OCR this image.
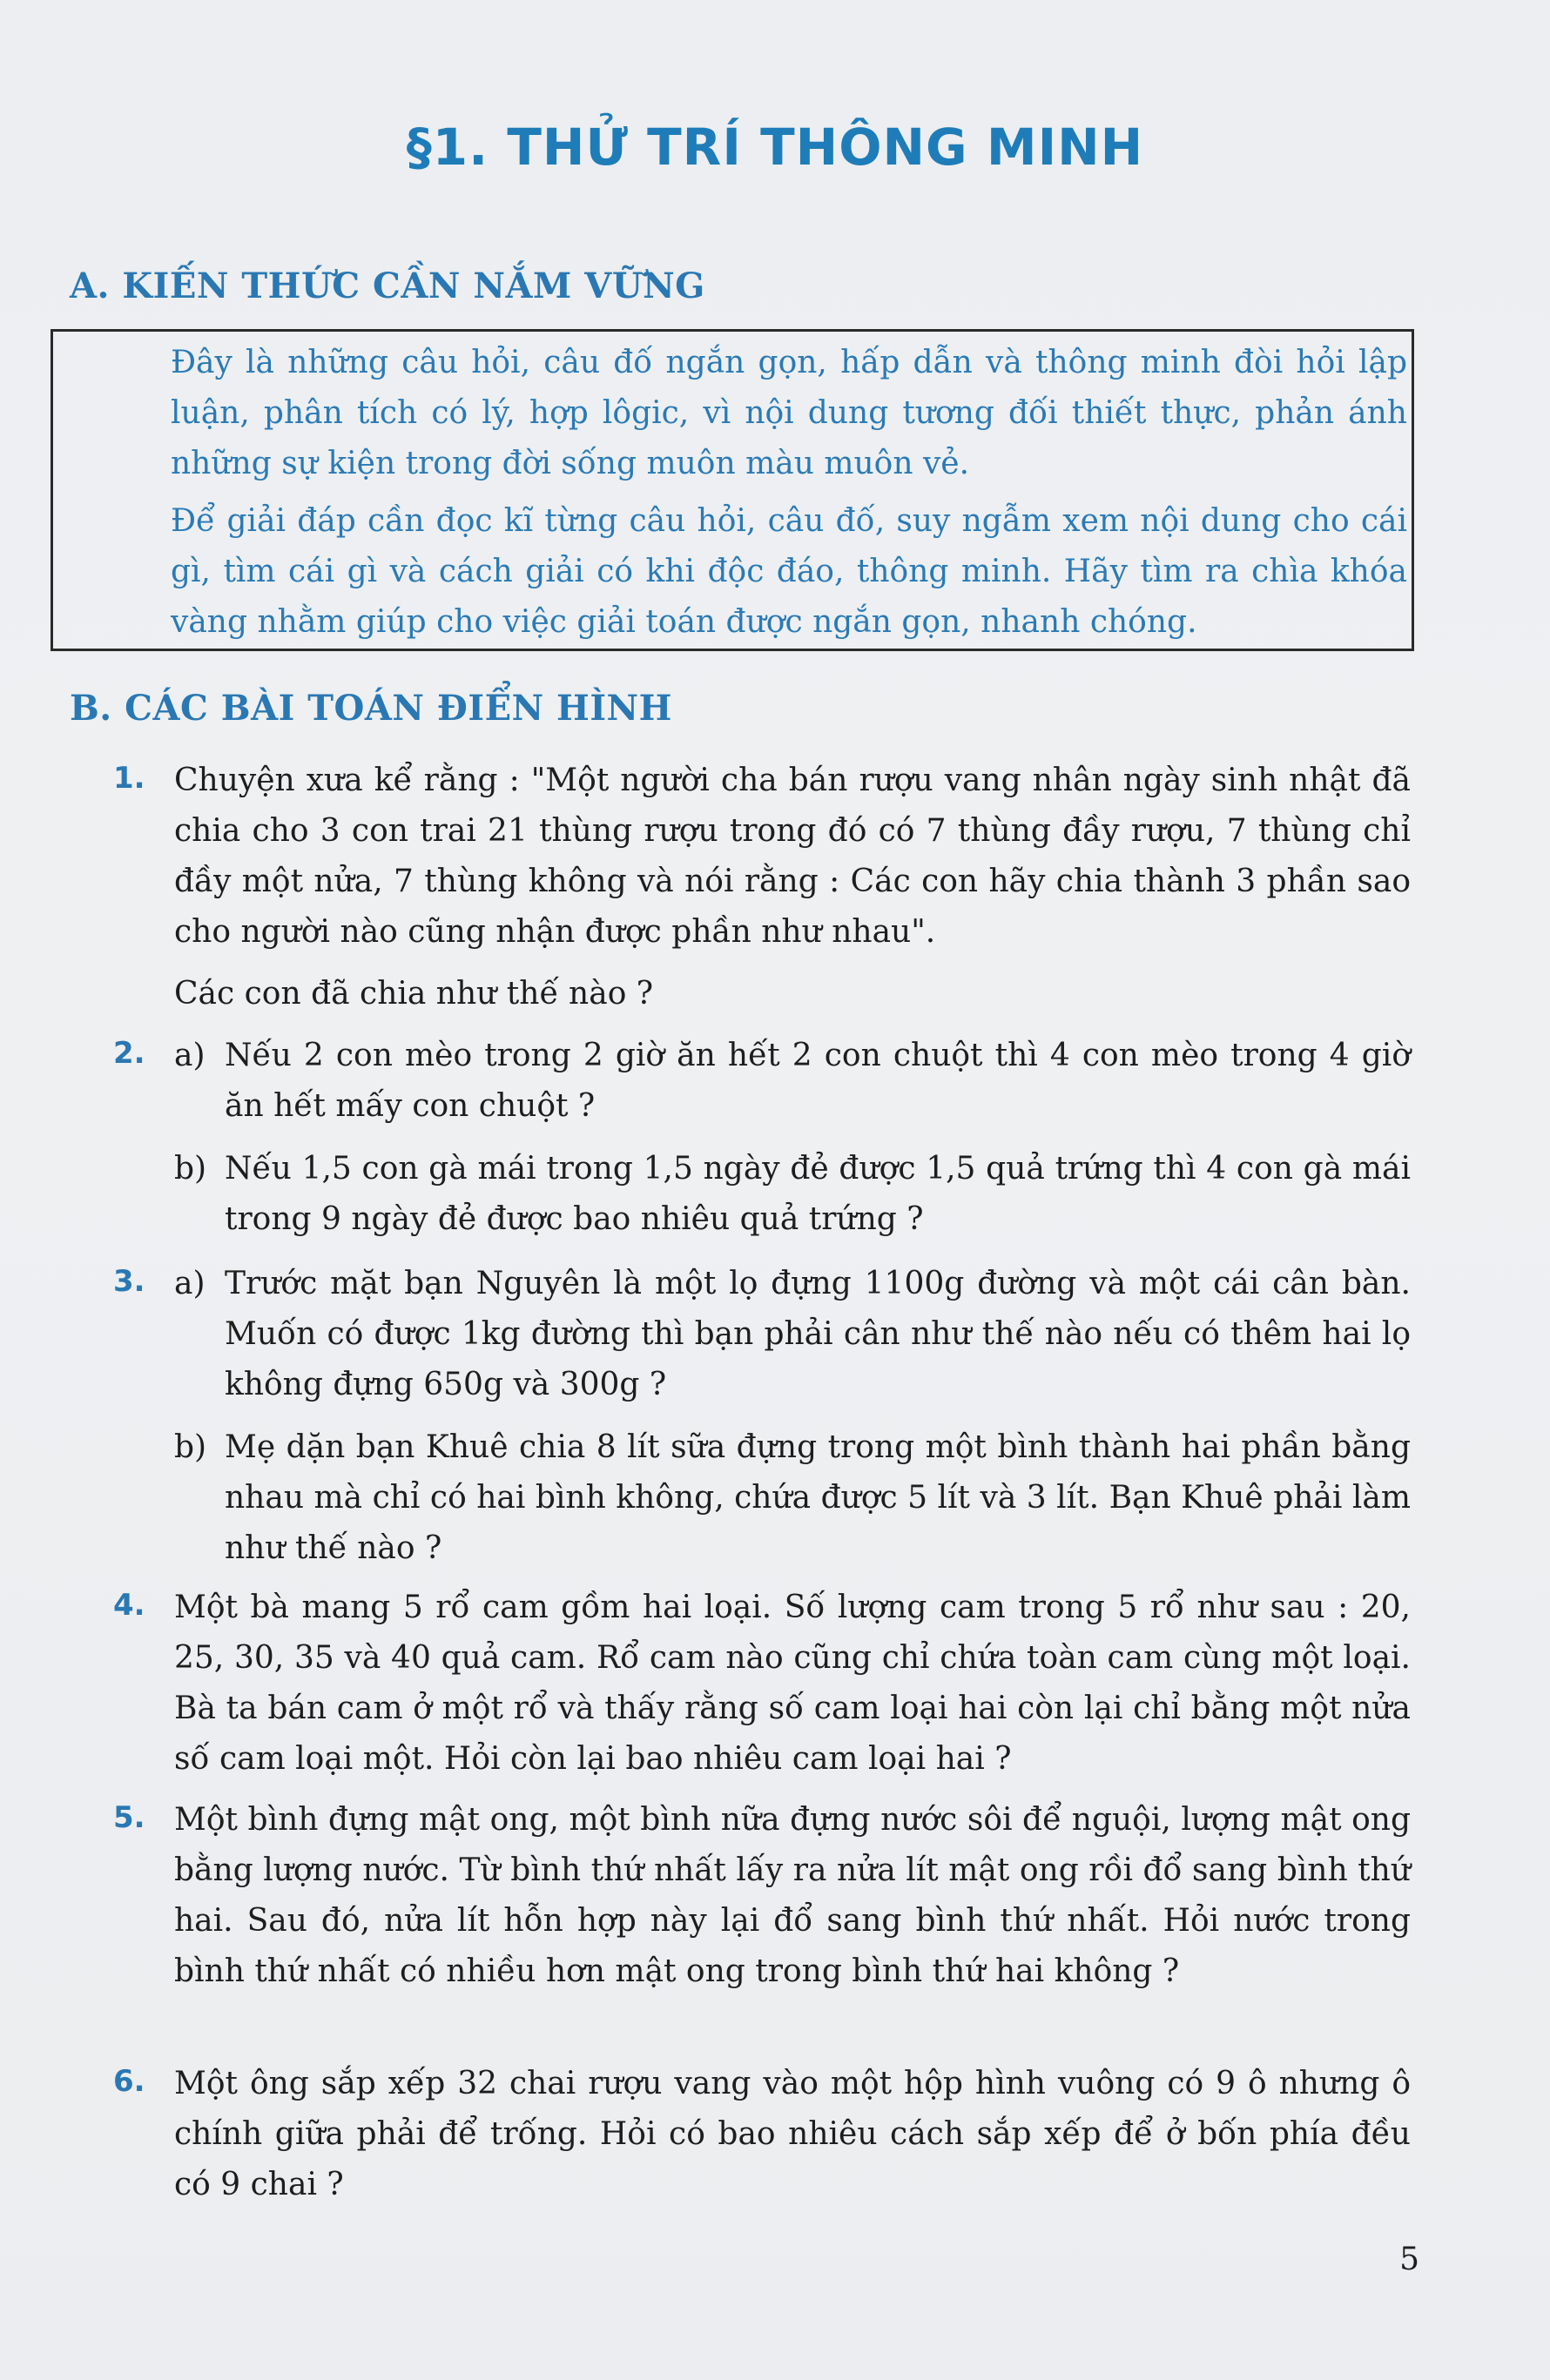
§1. THỬ TRÍ THÔNG MINH
A. KIẾN THỨC CẦN NẮM VỮNG

Đây là những câu hỏi, câu đố ngắn gọn, hấp dẫn và thông minh đòi hỏi lập luận, phân tích có lý, hợp lôgic, vì nội dung tương đối thiết thực, phản ánh những sự kiện trong đời sống muôn màu muôn vẻ.

Để giải đáp cần đọc kĩ từng câu hỏi, câu đố, suy ngẫm xem nội dung cho cái gì, tìm cái gì và cách giải có khi độc đáo, thông minh. Hãy tìm ra chìa khóa vàng nhằm giúp cho việc giải toán được ngắn gọn, nhanh chóng.

B. CÁC BÀI TOÁN ĐIỂN HÌNH
1. Chuyện xưa kể rằng : "Một người cha bán rượu vang nhân ngày sinh nhật đã chia cho 3 con trai 21 thùng rượu trong đó có 7 thùng đầy rượu, 7 thùng chỉ đầy một nửa, 7 thùng không và nói rằng : Các con hãy chia thành 3 phần sao cho người nào cũng nhận được phần như nhau".

Các con đã chia như thế nào ?

2. a) Nếu 2 con mèo trong 2 giờ ăn hết 2 con chuột thì 4 con mèo trong 4 giờ ăn hết mấy con chuột ?

b) Nếu 1,5 con gà mái trong 1,5 ngày đẻ được 1,5 quả trứng thì 4 con gà mái trong 9 ngày đẻ được bao nhiêu quả trứng ?

3. a) Trước mặt bạn Nguyên là một lọ đựng 1100g đường và một cái cân bàn. Muốn có được 1kg đường thì bạn phải cân như thế nào nếu có thêm hai lọ không đựng 650g và 300g ?

b) Mẹ dặn bạn Khuê chia 8 lít sữa đựng trong một bình thành hai phần bằng nhau mà chỉ có hai bình không, chứa được 5 lít và 3 lít. Bạn Khuê phải làm như thế nào ?

4. Một bà mang 5 rổ cam gồm hai loại. Số lượng cam trong 5 rổ như sau : 20, 25, 30, 35 và 40 quả cam. Rổ cam nào cũng chỉ chứa toàn cam cùng một loại. Bà ta bán cam ở một rổ và thấy rằng số cam loại hai còn lại chỉ bằng một nửa số cam loại một. Hỏi còn lại bao nhiêu cam loại hai ?

5. Một bình đựng mật ong, một bình nữa đựng nước sôi để nguội, lượng mật ong bằng lượng nước. Từ bình thứ nhất lấy ra nửa lít mật ong rồi đổ sang bình thứ hai. Sau đó, nửa lít hỗn hợp này lại đổ sang bình thứ nhất. Hỏi nước trong bình thứ nhất có nhiều hơn mật ong trong bình thứ hai không ?

6. Một ông sắp xếp 32 chai rượu vang vào một hộp hình vuông có 9 ô nhưng ô chính giữa phải để trống. Hỏi có bao nhiêu cách sắp xếp để ở bốn phía đều có 9 chai ?

5
